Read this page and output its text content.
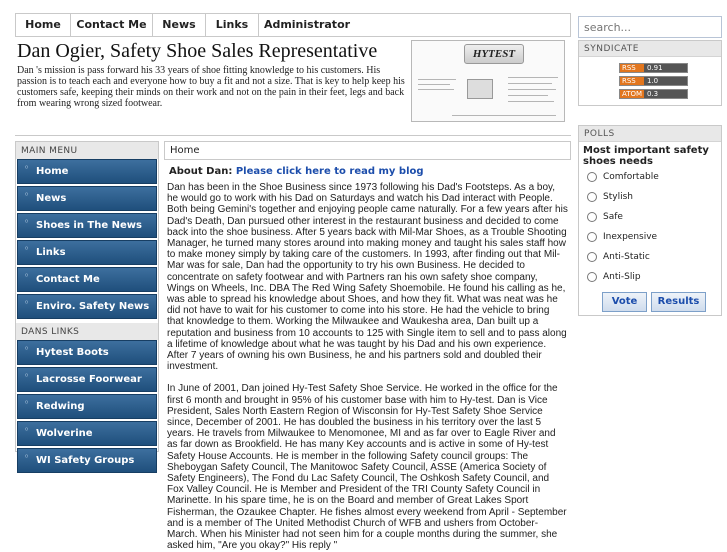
Home	Contact Me	News	Links	Administrator
search...
Dan Ogier, Safety Shoe Sales Representative
Dan 's mission is pass forward his 33 years of shoe fitting knowledge to his customers. His passion is to teach each and everyone how to buy a fit and not a size. That is key to help keep his customers safe, keeping their minds on their work and not on the pain in their feet, legs and back from wearing wrong sized footwear.
HYTEST	SYNDICATE
RSS	0.91
RSS	1.0
ATOM 0.3
MAIN MENU
◦ Home
◦ News
◦ Shoes in The News
◦ Links
◦ Contact Me
◦ Enviro. Safety News
DANS LINKS
◦ Hytest Boots
◦ Lacrosse Foorwear
◦ Redwing
◦ Wolverine
◦ WI Safety Groups
Home
About Dan: Please click here to read my blog

Dan has been in the Shoe Business since 1973 following his Dad's Footsteps. As a boy, he would go to work with his Dad on Saturdays and watch his Dad interact with People. Both being Gemini's together and enjoying people came naturally. For a few years after his Dad's Death, Dan pursued other interest in the restaurant business and decided to come back into the shoe business. After 5 years back with Mil-Mar Shoes, as a Trouble Shooting Manager, he turned many stores around into making money and taught his sales staff how to make money simply by taking care of the customers. In 1993, after finding out that Mil- Mar was for sale, Dan had the opportunity to try his own Business. He decided to concentrate on safety footwear and with Partners ran his own safety shoe company, Wings on Wheels, Inc. DBA The Red Wing Safety Shoemobile. He found his calling as he, was able to spread his knowledge about Shoes, and how they fit. What was neat was he did not have to wait for his customer to come into his store. He had the vehicle to bring that knowledge to them. Working the Milwaukee and Waukesha area, Dan built up a reputation and business from 10 accounts to 125 with Single item to sell and to pass along a lifetime of knowledge about what he was taught by his Dad and his own experience. After 7 years of owning his own Business, he and his partners sold and doubled their investment.

In June of 2001, Dan joined Hy-Test Safety Shoe Service. He worked in the office for the first 6 month and brought in 95% of his customer base with him to Hy-test. Dan is Vice President, Sales North Eastern Region of Wisconsin for Hy-Test Safety Shoe Service since, December of 2001. He has doubled the business in his territory over the last 5 years. He travels from Milwaukee to Menomonee, MI and as far over to Eagle River and as far down as Brookfield. He has many Key accounts and is active in some of Hy-test Safety House Accounts. He is member in the following Safety council groups: The Sheboygan Safety Council, The Manitowoc Safety Council, ASSE (America Society of Safety Engineers), The Fond du Lac Safety Council, The Oshkosh Safety Council, and Fox Valley Council. He is Member and President of the TRI County Safety Council in Marinette. In his spare time, he is on the Board and member of Great Lakes Sport Fisherman, the Ozaukee Chapter. He fishes almost every weekend from April - September and is a member of The United Methodist Church of WFB and ushers from October- March. When his Minister had not seen him for a couple months during the summer, she asked him, "Are you okay?" His reply "

POLLS
Most important safety shoes needs
Comfortable
Stylish
Safe
Inexpensive
Anti-Static
Anti-Slip
Vote	Results
